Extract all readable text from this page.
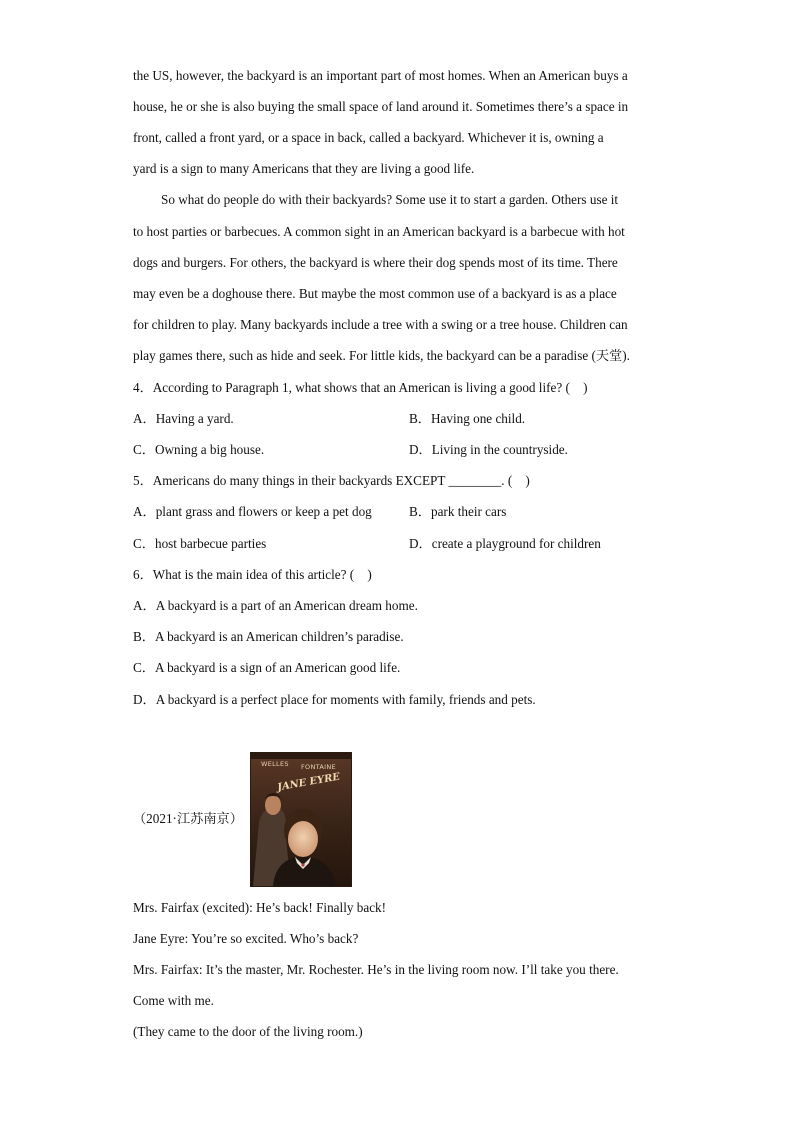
the US, however, the backyard is an important part of most homes. When an American buys a
house, he or she is also buying the small space of land around it. Sometimes there’s a space in
front, called a front yard, or a space in back, called a backyard. Whichever it is, owning a
yard is a sign to many Americans that they are living a good life.
So what do people do with their backyards? Some use it to start a garden. Others use it
to host parties or barbecues. A common sight in an American backyard is a barbecue with hot
dogs and burgers. For others, the backyard is where their dog spends most of its time. There
may even be a doghouse there. But maybe the most common use of a backyard is as a place
for children to play. Many backyards include a tree with a swing or a tree house. Children can
play games there, such as hide and seek. For little kids, the backyard can be a paradise (天堂).
4．According to Paragraph 1, what shows that an American is living a good life? (　)
A．Having a yard.	B．Having one child.
C．Owning a big house.	D．Living in the countryside.
5．Americans do many things in their backyards EXCEPT ________. (　)
A．plant grass and flowers or keep a pet dog	B．park their cars
C．host barbecue parties	D．create a playground for children
6．What is the main idea of this article? (　)
A．A backyard is a part of an American dream home.
B．A backyard is an American children’s paradise.
C．A backyard is a sign of an American good life.
D．A backyard is a perfect place for moments with family, friends and pets.
（2021·江苏南京）
WELLES FONTAINE
JANE EYRE
Mrs. Fairfax (excited): He’s back! Finally back!
Jane Eyre: You’re so excited. Who’s back?
Mrs. Fairfax: It’s the master, Mr. Rochester. He’s in the living room now. I’ll take you there.
Come with me.
(They came to the door of the living room.)
